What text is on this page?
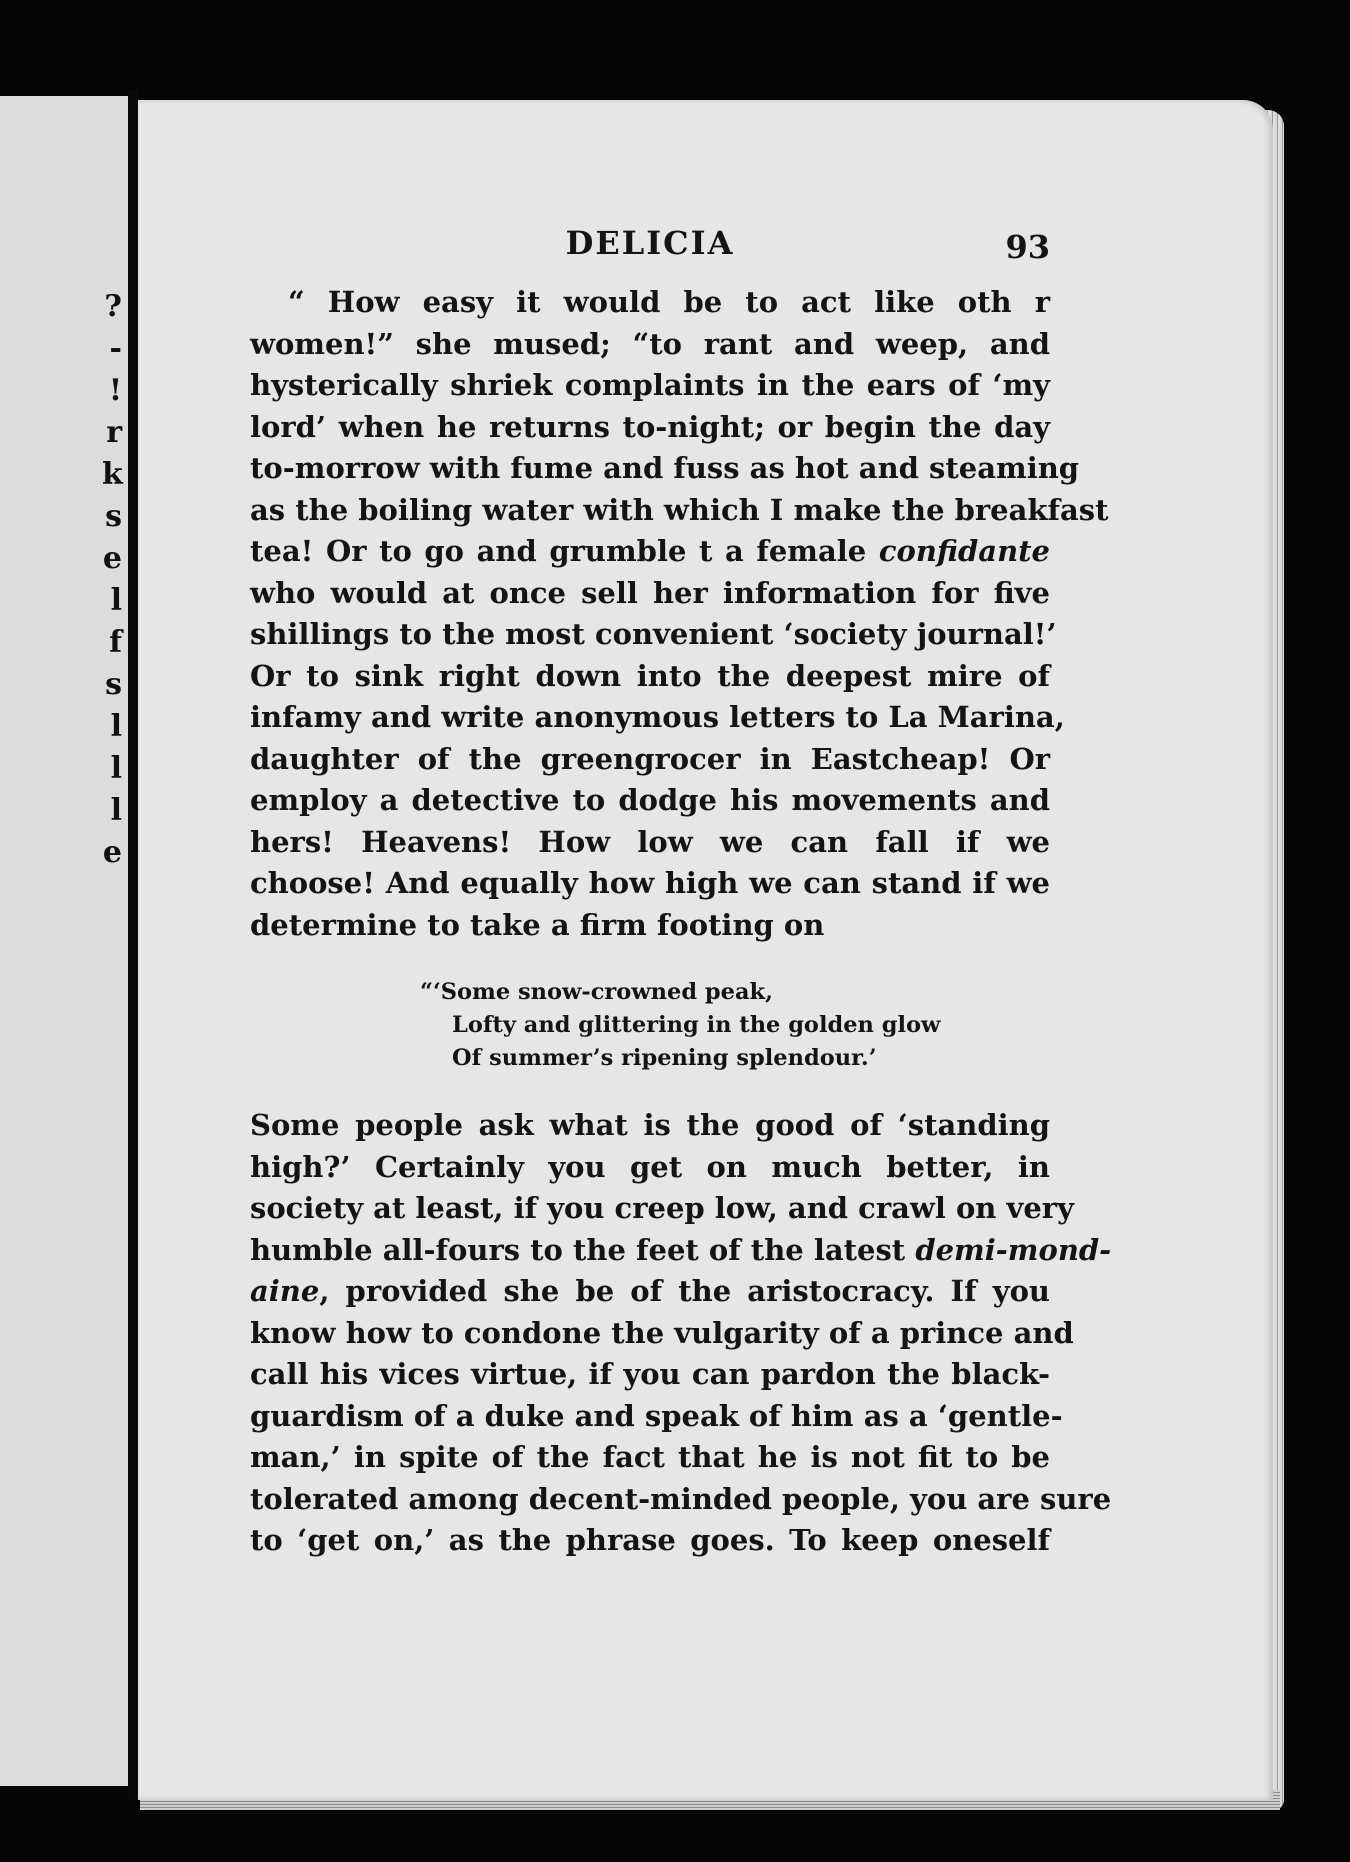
?
-
!
r
k
s
e
l
f
s
l
l
l
e
DELICIA	93

“ How easy it would be to act like oth r
women!” she mused; “to rant and weep, and
hysterically shriek complaints in the ears of ‘my
lord’ when he returns to-night; or begin the day
to-morrow with fume and fuss as hot and steaming
as the boiling water with which I make the breakfast
tea! Or to go and grumble t a female confidante
who would at once sell her information for five
shillings to the most convenient ‘society journal!’
Or to sink right down into the deepest mire of
infamy and write anonymous letters to La Marina,
daughter of the greengrocer in Eastcheap! Or
employ a detective to dodge his movements and
hers! Heavens! How low we can fall if we
choose! And equally how high we can stand if we
determine to take a firm footing on

“‘Some snow-crowned peak,
Lofty and glittering in the golden glow
Of summer’s ripening splendour.’

Some people ask what is the good of ‘standing
high?’ Certainly you get on much better, in
society at least, if you creep low, and crawl on very
humble all-fours to the feet of the latest demi-mond-
aine, provided she be of the aristocracy. If you
know how to condone the vulgarity of a prince and
call his vices virtue, if you can pardon the black-
guardism of a duke and speak of him as a ‘gentle-
man,’ in spite of the fact that he is not fit to be
tolerated among decent-minded people, you are sure
to ‘get on,’ as the phrase goes. To keep oneself
